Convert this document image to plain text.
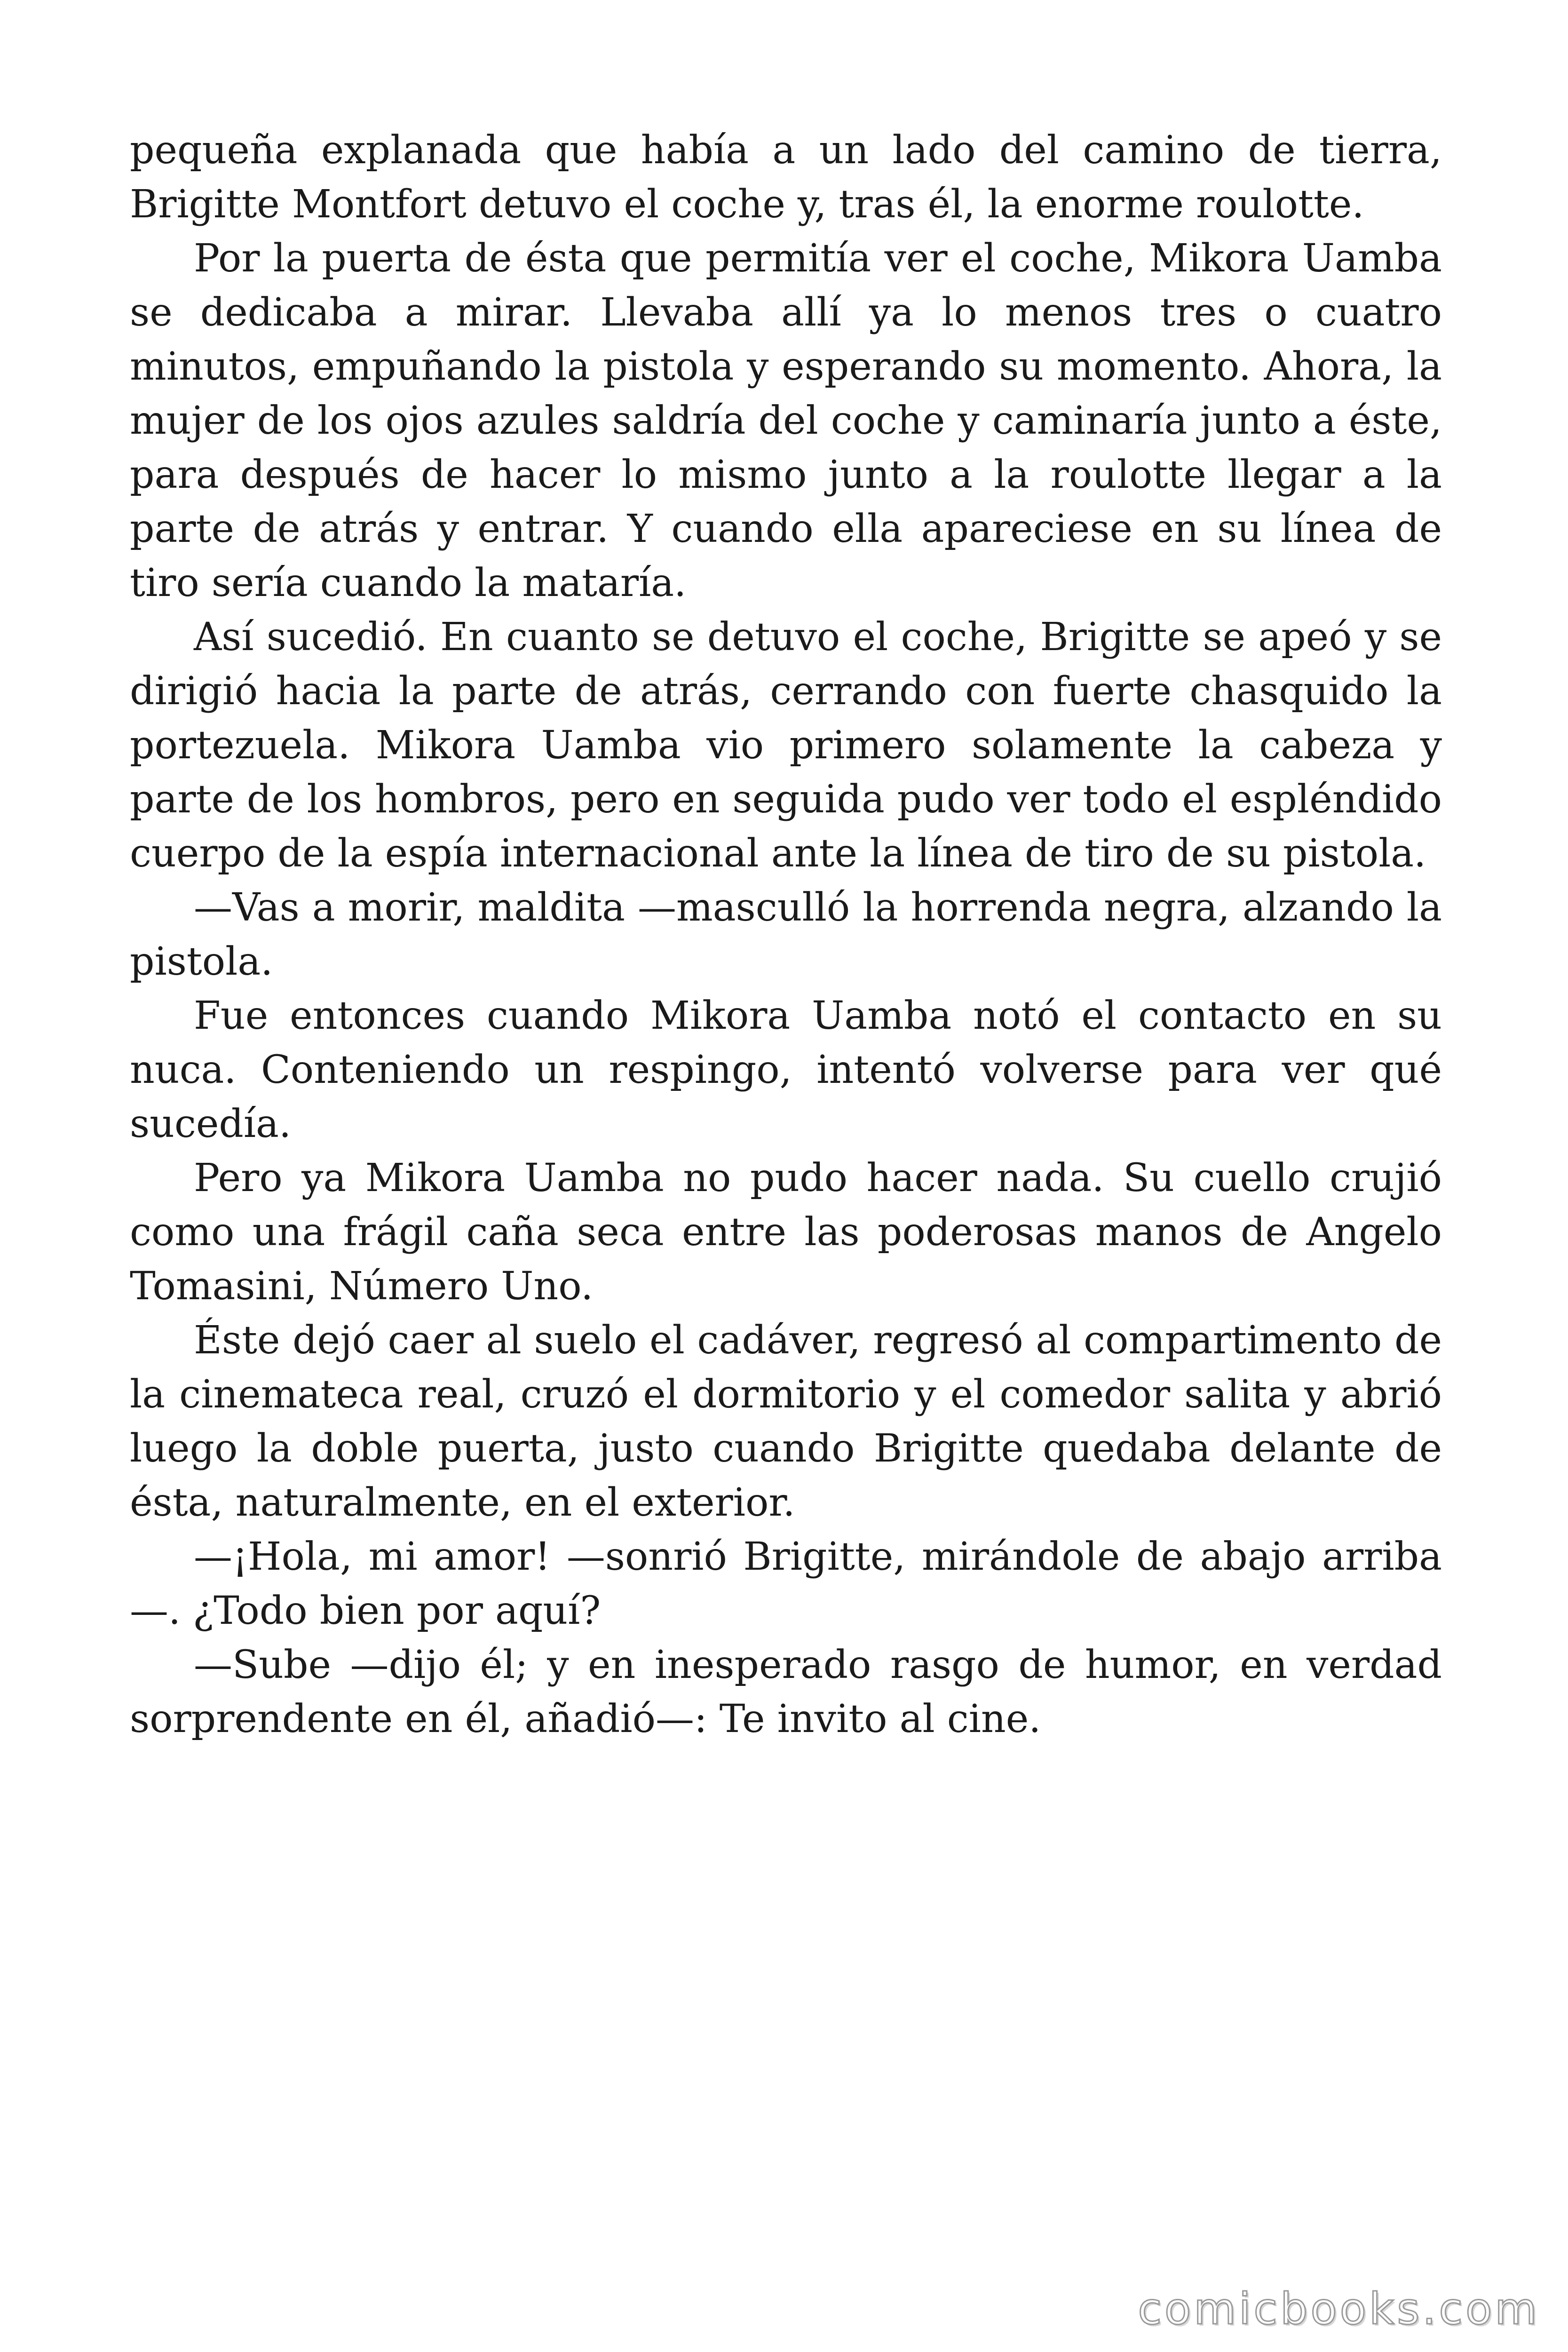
pequeña explanada que había a un lado del camino de tierra, Brigitte Montfort detuvo el coche y, tras él, la enorme roulotte.

Por la puerta de ésta que permitía ver el coche, Mikora Uamba se dedicaba a mirar. Llevaba allí ya lo menos tres o cuatro minutos, empuñando la pistola y esperando su momento. Ahora, la mujer de los ojos azules saldría del coche y caminaría junto a éste, para después de hacer lo mismo junto a la roulotte llegar a la parte de atrás y entrar. Y cuando ella apareciese en su línea de tiro sería cuando la mataría.

Así sucedió. En cuanto se detuvo el coche, Brigitte se apeó y se dirigió hacia la parte de atrás, cerrando con fuerte chasquido la portezuela. Mikora Uamba vio primero solamente la cabeza y parte de los hombros, pero en seguida pudo ver todo el espléndido cuerpo de la espía internacional ante la línea de tiro de su pistola.

—Vas a morir, maldita —masculló la horrenda negra, alzando la pistola.

Fue entonces cuando Mikora Uamba notó el contacto en su nuca. Conteniendo un respingo, intentó volverse para ver qué sucedía.

Pero ya Mikora Uamba no pudo hacer nada. Su cuello crujió como una frágil caña seca entre las poderosas manos de Angelo Tomasini, Número Uno.

Éste dejó caer al suelo el cadáver, regresó al compartimento de la cinemateca real, cruzó el dormitorio y el comedor salita y abrió luego la doble puerta, justo cuando Brigitte quedaba delante de ésta, naturalmente, en el exterior.

—¡Hola, mi amor! —sonrió Brigitte, mirándole de abajo arriba —. ¿Todo bien por aquí?

—Sube —dijo él; y en inesperado rasgo de humor, en verdad sorprendente en él, añadió—: Te invito al cine.

comicbooks.com
